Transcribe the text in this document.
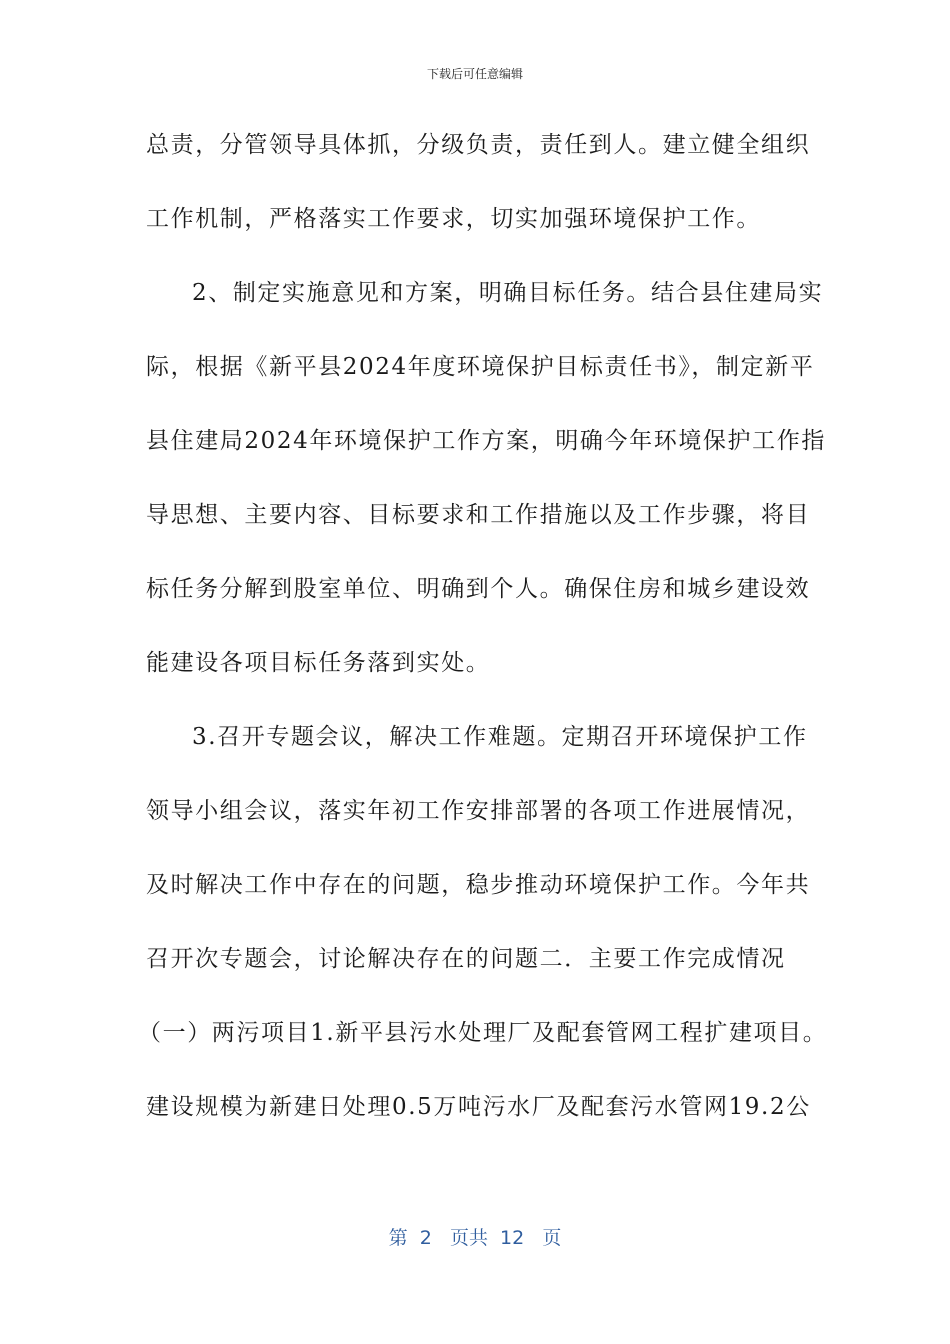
下载后可任意编辑
总责，分管领导具体抓，分级负责，责任到人。建立健全组织
工作机制，严格落实工作要求，切实加强环境保护工作。
2、制定实施意见和方案，明确目标任务。结合县住建局实
际，根据《新平县2024年度环境保护目标责任书》，制定新平
县住建局2024年环境保护工作方案，明确今年环境保护工作指
导思想、主要内容、目标要求和工作措施以及工作步骤，将目
标任务分解到股室单位、明确到个人。确保住房和城乡建设效
能建设各项目标任务落到实处。
3.召开专题会议，解决工作难题。定期召开环境保护工作
领导小组会议，落实年初工作安排部署的各项工作进展情况，
及时解决工作中存在的问题，稳步推动环境保护工作。今年共
召开次专题会，讨论解决存在的问题二．主要工作完成情况
（一）两污项目1.新平县污水处理厂及配套管网工程扩建项目。
建设规模为新建日处理0.5万吨污水厂及配套污水管网19.2公
第 2 页共 12 页
